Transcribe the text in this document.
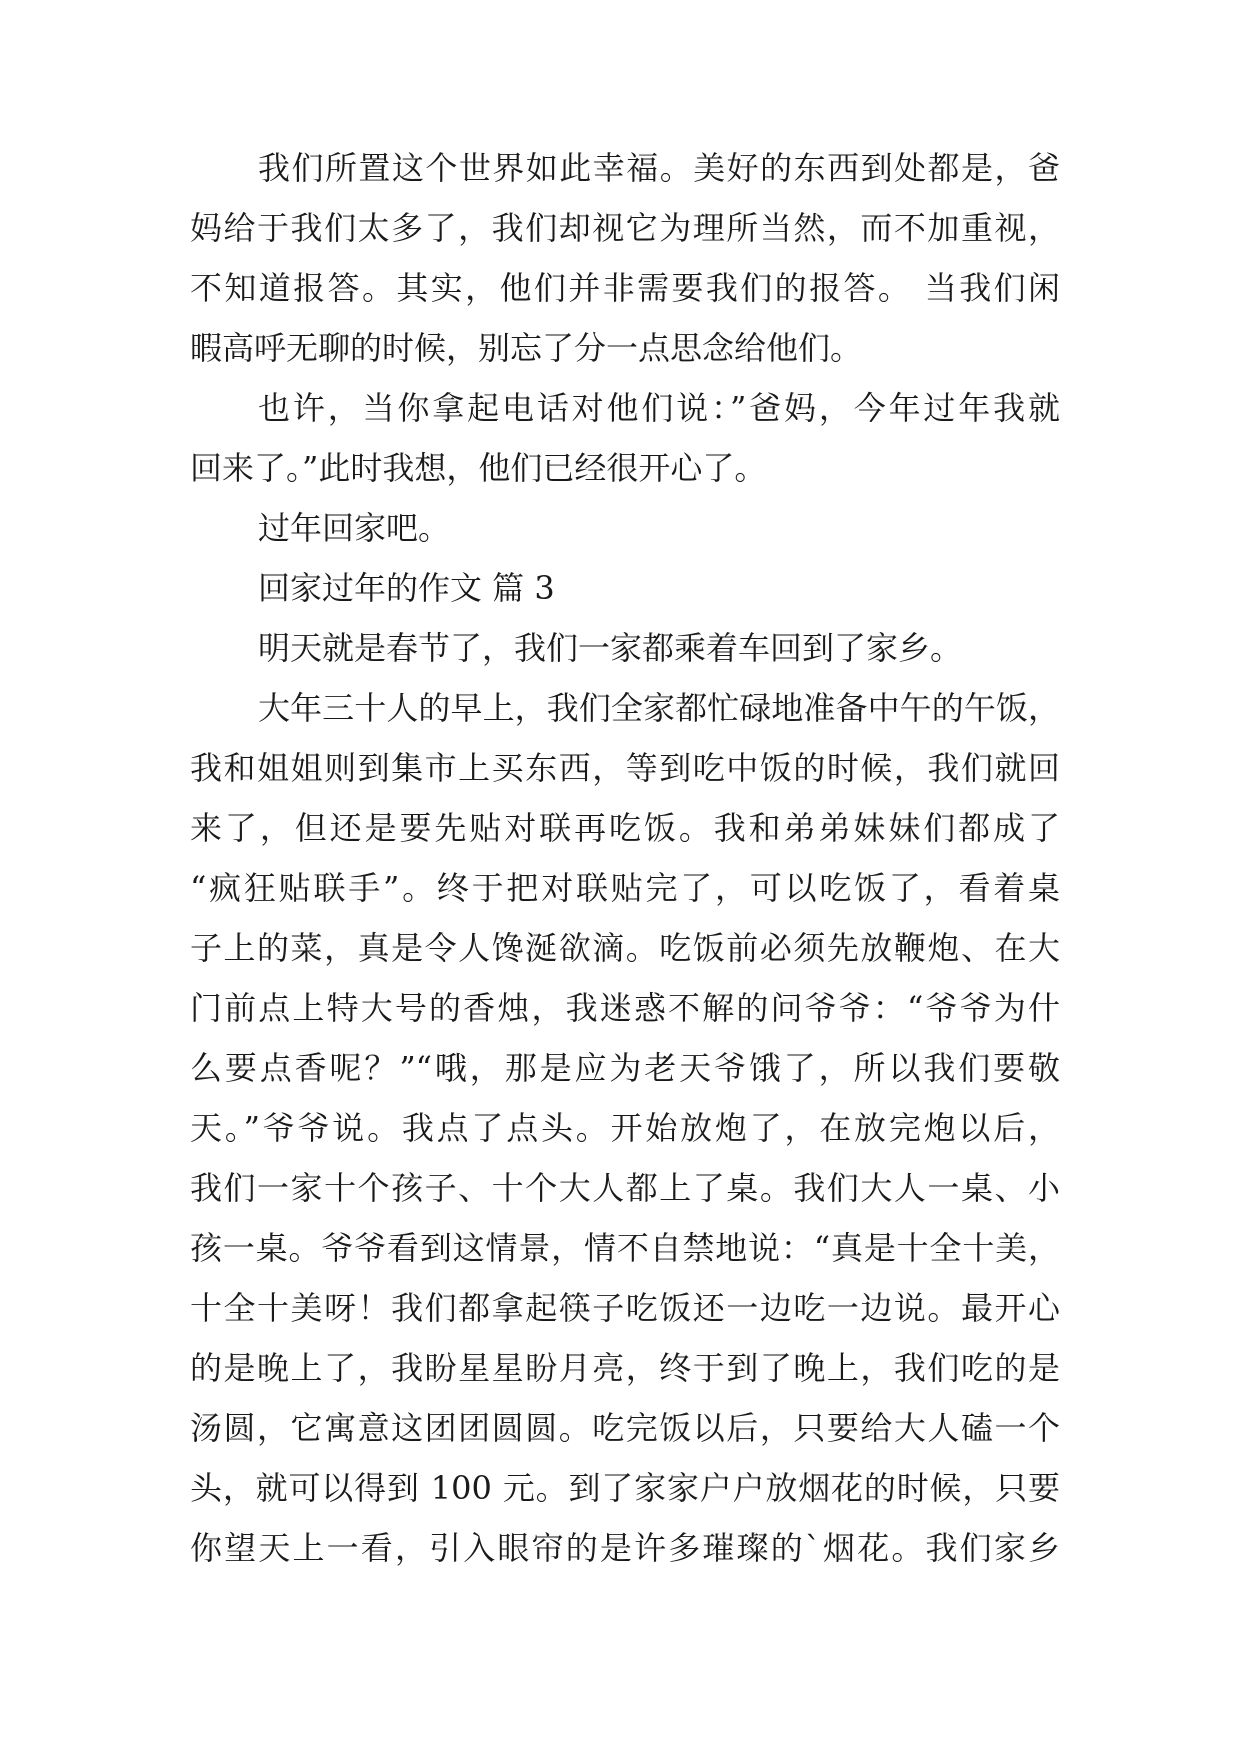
我们所置这个世界如此幸福。美好的东西到处都是，爸
妈给于我们太多了，我们却视它为理所当然，而不加重视，
不知道报答。其实，他们并非需要我们的报答。 当我们闲
暇高呼无聊的时候，别忘了分一点思念给他们。
也许，当你拿起电话对他们说：”爸妈，今年过年我就
回来了。”此时我想，他们已经很开心了。
过年回家吧。
回家过年的作文 篇 3
明天就是春节了，我们一家都乘着车回到了家乡。
大年三十人的早上，我们全家都忙碌地准备中午的午饭，
我和姐姐则到集市上买东西，等到吃中饭的时候，我们就回
来了，但还是要先贴对联再吃饭。我和弟弟妹妹们都成了
“疯狂贴联手”。终于把对联贴完了，可以吃饭了，看着桌
子上的菜，真是令人馋涎欲滴。吃饭前必须先放鞭炮、在大
门前点上特大号的香烛，我迷惑不解的问爷爷：“爷爷为什
么要点香呢？”“哦，那是应为老天爷饿了，所以我们要敬
天。”爷爷说。我点了点头。开始放炮了，在放完炮以后，
我们一家十个孩子、十个大人都上了桌。我们大人一桌、小
孩一桌。爷爷看到这情景，情不自禁地说：“真是十全十美，
十全十美呀！我们都拿起筷子吃饭还一边吃一边说。最开心
的是晚上了，我盼星星盼月亮，终于到了晚上，我们吃的是
汤圆，它寓意这团团圆圆。吃完饭以后，只要给大人磕一个
头，就可以得到 100 元。到了家家户户放烟花的时候，只要
你望天上一看，引入眼帘的是许多璀璨的`烟花。我们家乡
